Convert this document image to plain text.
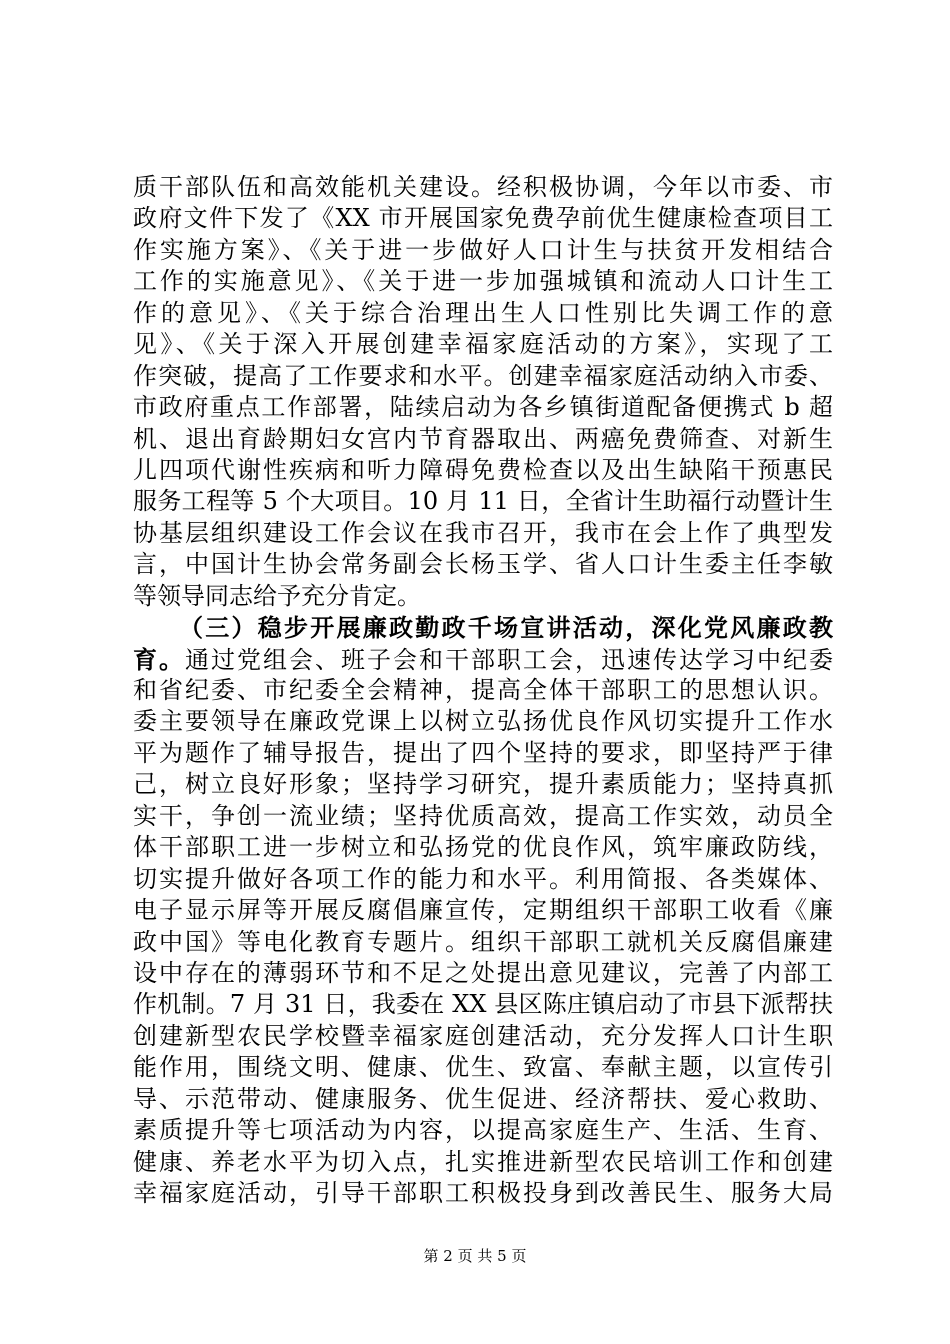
质干部队伍和高效能机关建设。经积极协调，今年以市委、市
政府文件下发了《XX 市开展国家免费孕前优生健康检查项目工
作实施方案》、《关于进一步做好人口计生与扶贫开发相结合
工作的实施意见》、《关于进一步加强城镇和流动人口计生工
作的意见》、《关于综合治理出生人口性别比失调工作的意
见》、《关于深入开展创建幸福家庭活动的方案》，实现了工
作突破，提高了工作要求和水平。创建幸福家庭活动纳入市委、
市政府重点工作部署，陆续启动为各乡镇街道配备便携式 b 超
机、退出育龄期妇女宫内节育器取出、两癌免费筛查、对新生
儿四项代谢性疾病和听力障碍免费检查以及出生缺陷干预惠民
服务工程等 5 个大项目。10 月 11 日，全省计生助福行动暨计生
协基层组织建设工作会议在我市召开，我市在会上作了典型发
言，中国计生协会常务副会长杨玉学、省人口计生委主任李敏
等领导同志给予充分肯定。
（三）稳步开展廉政勤政千场宣讲活动，深化党风廉政教
育。通过党组会、班子会和干部职工会，迅速传达学习中纪委
和省纪委、市纪委全会精神，提高全体干部职工的思想认识。
委主要领导在廉政党课上以树立弘扬优良作风切实提升工作水
平为题作了辅导报告，提出了四个坚持的要求，即坚持严于律
己，树立良好形象；坚持学习研究，提升素质能力；坚持真抓
实干，争创一流业绩；坚持优质高效，提高工作实效，动员全
体干部职工进一步树立和弘扬党的优良作风，筑牢廉政防线，
切实提升做好各项工作的能力和水平。利用简报、各类媒体、
电子显示屏等开展反腐倡廉宣传，定期组织干部职工收看《廉
政中国》等电化教育专题片。组织干部职工就机关反腐倡廉建
设中存在的薄弱环节和不足之处提出意见建议，完善了内部工
作机制。7 月 31 日，我委在 XX 县区陈庄镇启动了市县下派帮扶
创建新型农民学校暨幸福家庭创建活动，充分发挥人口计生职
能作用，围绕文明、健康、优生、致富、奉献主题，以宣传引
导、示范带动、健康服务、优生促进、经济帮扶、爱心救助、
素质提升等七项活动为内容，以提高家庭生产、生活、生育、
健康、养老水平为切入点，扎实推进新型农民培训工作和创建
幸福家庭活动，引导干部职工积极投身到改善民生、服务大局
第 2 页 共 5 页
